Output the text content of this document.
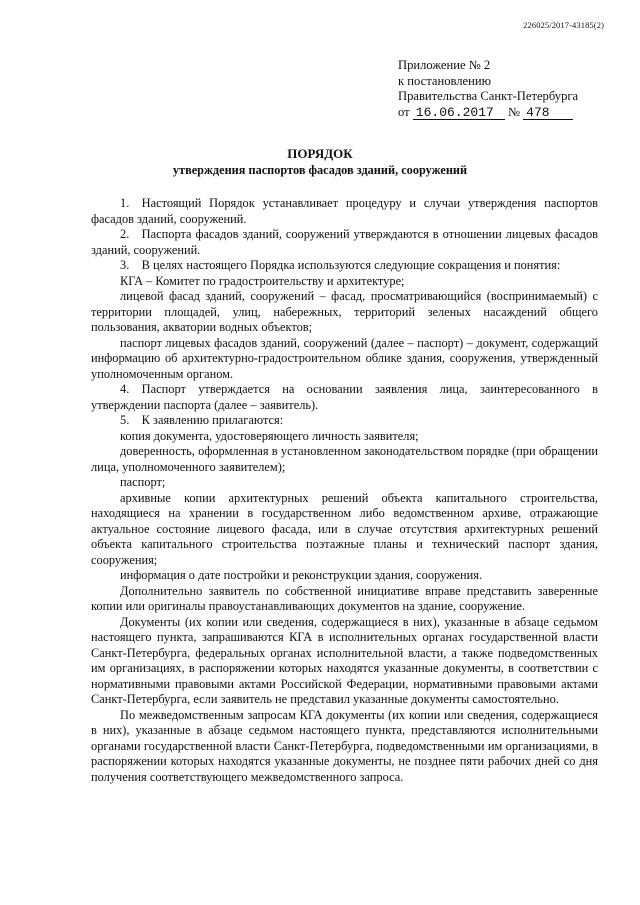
226025/2017-43185(2)
Приложение № 2
к постановлению
Правительства Санкт-Петербурга
от 16.06.2017 № 478
ПОРЯДОК
утверждения паспортов фасадов зданий, сооружений

1. Настоящий Порядок устанавливает процедуру и случаи утверждения паспортов фасадов зданий, сооружений.

2. Паспорта фасадов зданий, сооружений утверждаются в отношении лицевых фасадов зданий, сооружений.

3. В целях настоящего Порядка используются следующие сокращения и понятия:

КГА – Комитет по градостроительству и архитектуре;

лицевой фасад зданий, сооружений – фасад, просматривающийся (воспринимаемый) с территории площадей, улиц, набережных, территорий зеленых насаждений общего пользования, акватории водных объектов;

паспорт лицевых фасадов зданий, сооружений (далее – паспорт) – документ, содержащий информацию об архитектурно-градостроительном облике здания, сооружения, утвержденный уполномоченным органом.

4. Паспорт утверждается на основании заявления лица, заинтересованного в утверждении паспорта (далее – заявитель).

5. К заявлению прилагаются:

копия документа, удостоверяющего личность заявителя;

доверенность, оформленная в установленном законодательством порядке (при обращении лица, уполномоченного заявителем);

паспорт;

архивные копии архитектурных решений объекта капитального строительства, находящиеся на хранении в государственном либо ведомственном архиве, отражающие актуальное состояние лицевого фасада, или в случае отсутствия архитектурных решений объекта капитального строительства поэтажные планы и технический паспорт здания, сооружения;

информация о дате постройки и реконструкции здания, сооружения.

Дополнительно заявитель по собственной инициативе вправе представить заверенные копии или оригиналы правоустанавливающих документов на здание, сооружение.

Документы (их копии или сведения, содержащиеся в них), указанные в абзаце седьмом настоящего пункта, запрашиваются КГА в исполнительных органах государственной власти Санкт-Петербурга, федеральных органах исполнительной власти, а также подведомственных им организациях, в распоряжении которых находятся указанные документы, в соответствии с нормативными правовыми актами Российской Федерации, нормативными правовыми актами Санкт-Петербурга, если заявитель не представил указанные документы самостоятельно.

По межведомственным запросам КГА документы (их копии или сведения, содержащиеся в них), указанные в абзаце седьмом настоящего пункта, представляются исполнительными органами государственной власти Санкт-Петербурга, подведомственными им организациями, в распоряжении которых находятся указанные документы, не позднее пяти рабочих дней со дня получения соответствующего межведомственного запроса.
